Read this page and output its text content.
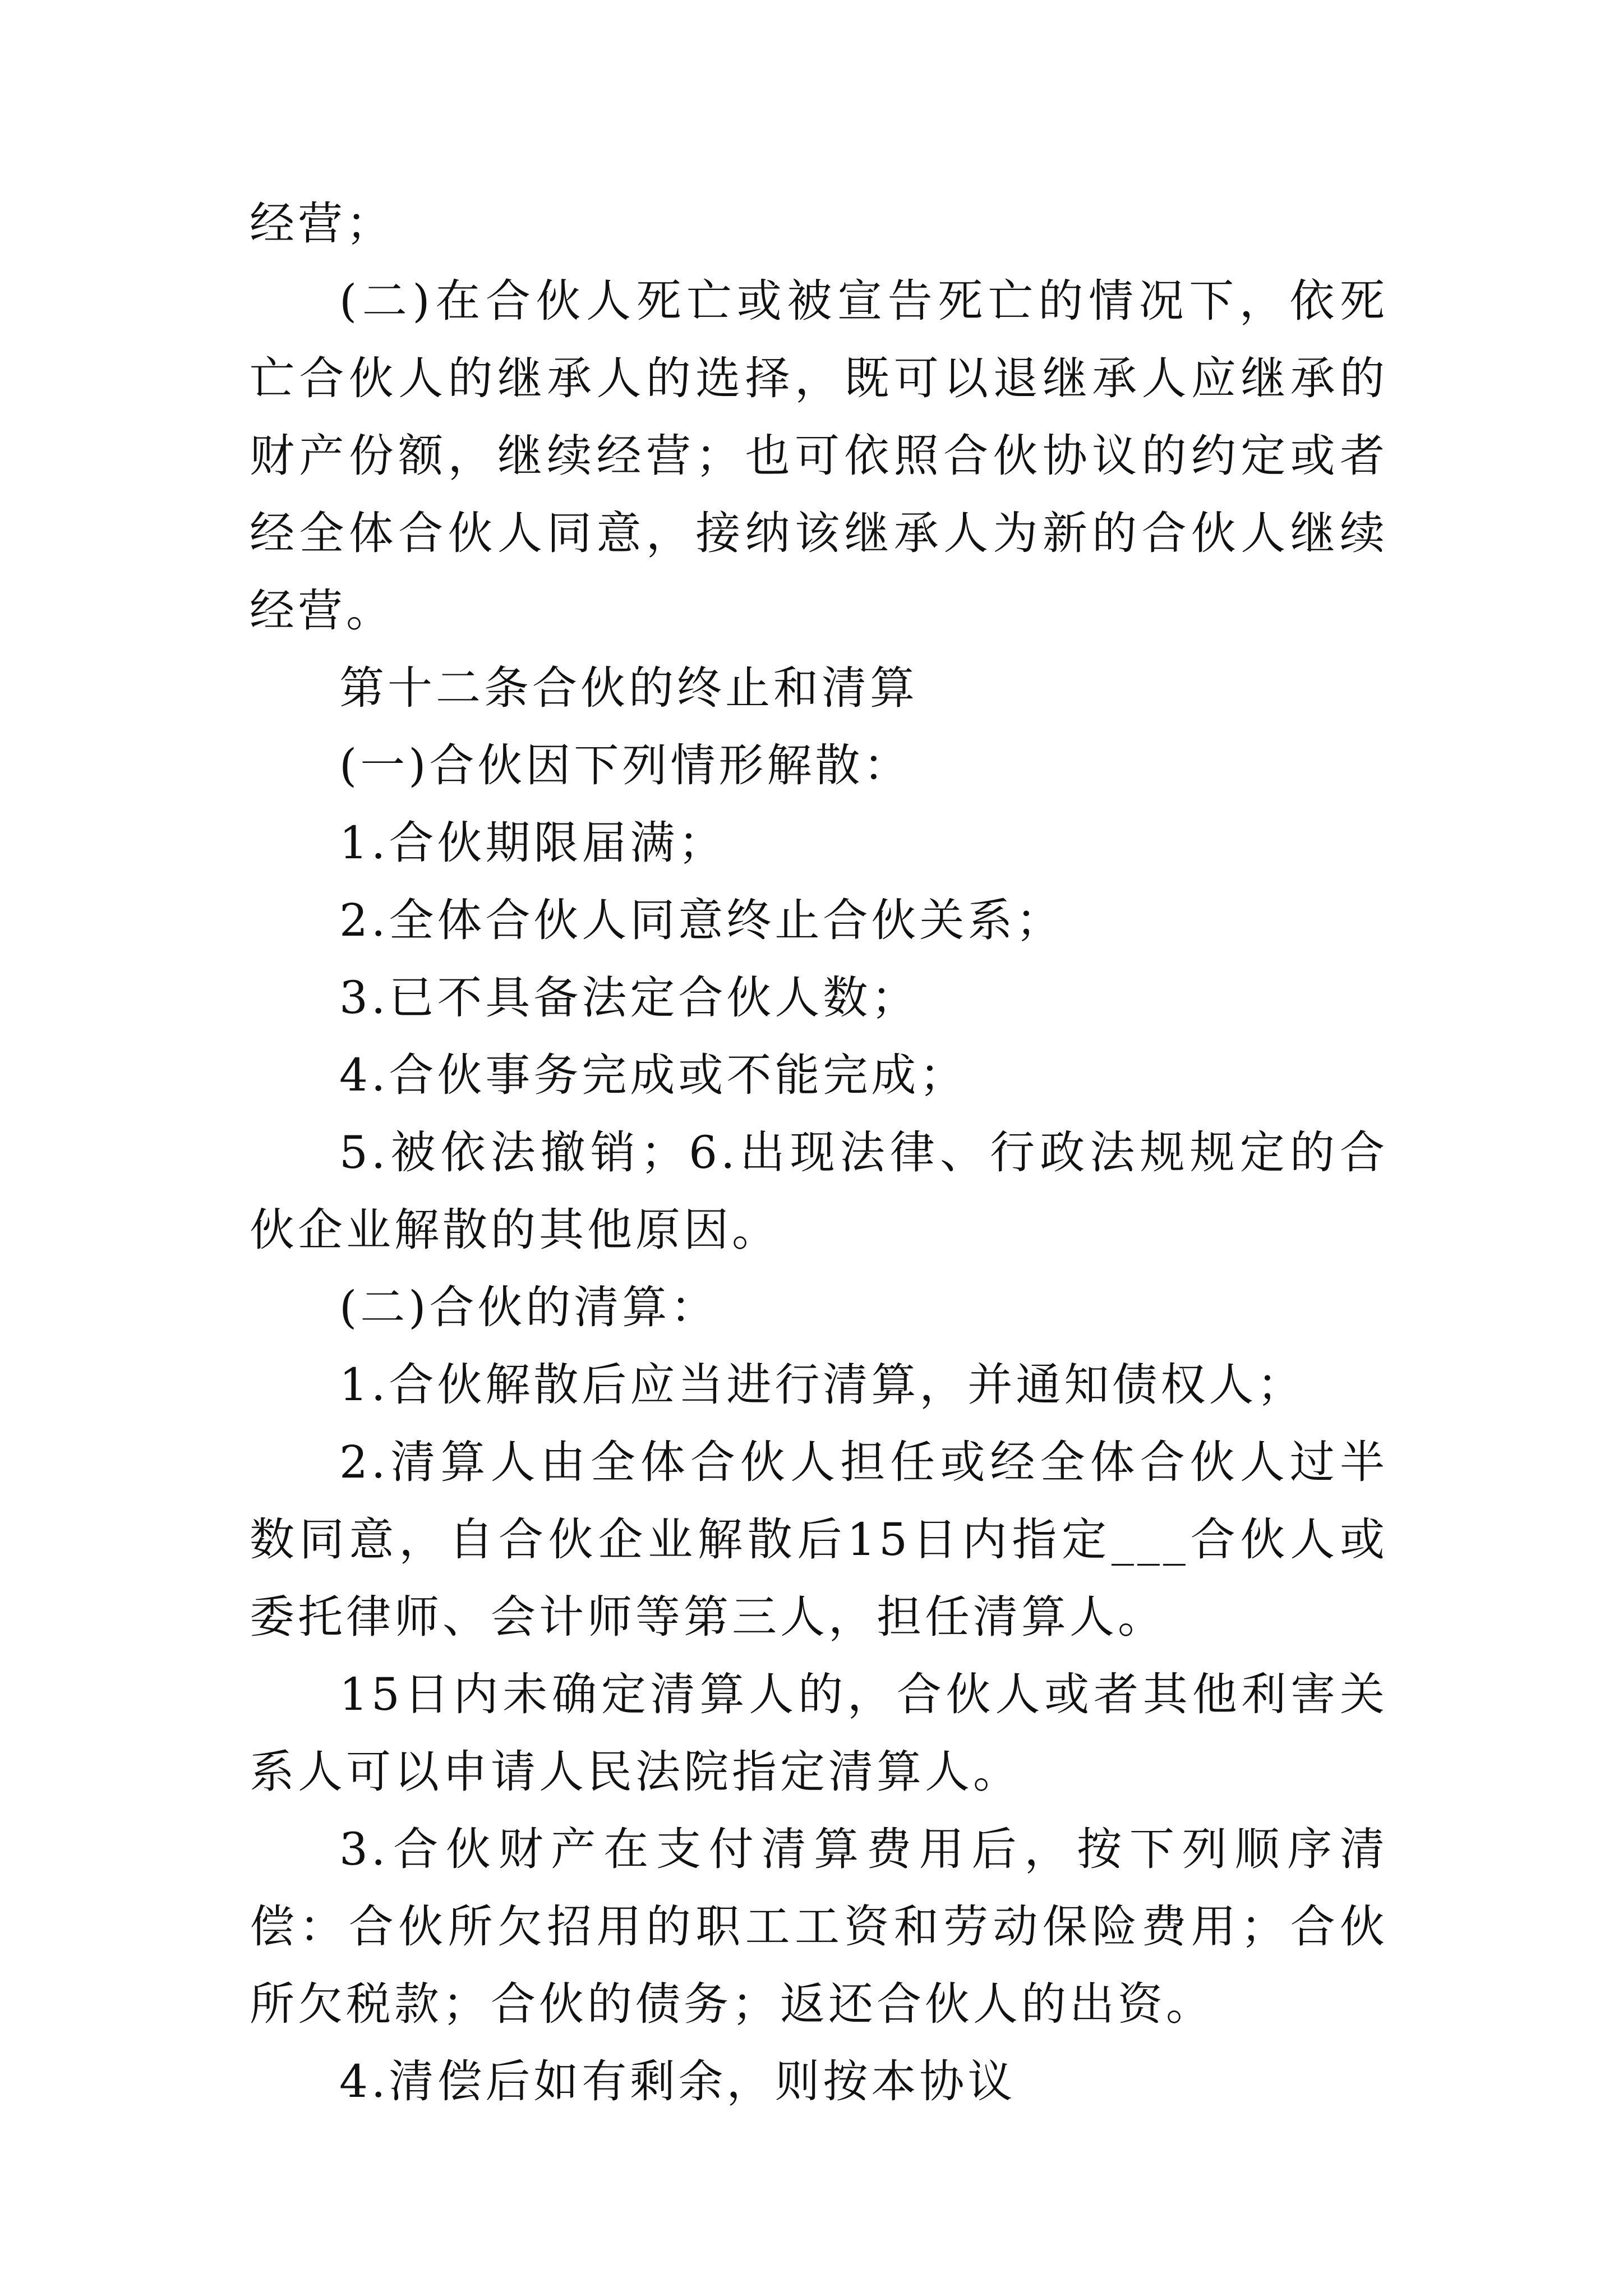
经营；

(二)在合伙人死亡或被宣告死亡的情况下，依死亡合伙人的继承人的选择，既可以退继承人应继承的财产份额，继续经营；也可依照合伙协议的约定或者经全体合伙人同意，接纳该继承人为新的合伙人继续经营。

第十二条合伙的终止和清算

(一)合伙因下列情形解散：

1.合伙期限届满；

2.全体合伙人同意终止合伙关系；

3.已不具备法定合伙人数；

4.合伙事务完成或不能完成；

5.被依法撤销；6.出现法律、行政法规规定的合伙企业解散的其他原因。

(二)合伙的清算：

1.合伙解散后应当进行清算，并通知债权人；

2.清算人由全体合伙人担任或经全体合伙人过半数同意，自合伙企业解散后15日内指定___合伙人或委托律师、会计师等第三人，担任清算人。

15日内未确定清算人的，合伙人或者其他利害关系人可以申请人民法院指定清算人。

3.合伙财产在支付清算费用后，按下列顺序清偿：合伙所欠招用的职工工资和劳动保险费用；合伙所欠税款；合伙的债务；返还合伙人的出资。

4.清偿后如有剩余，则按本协议
